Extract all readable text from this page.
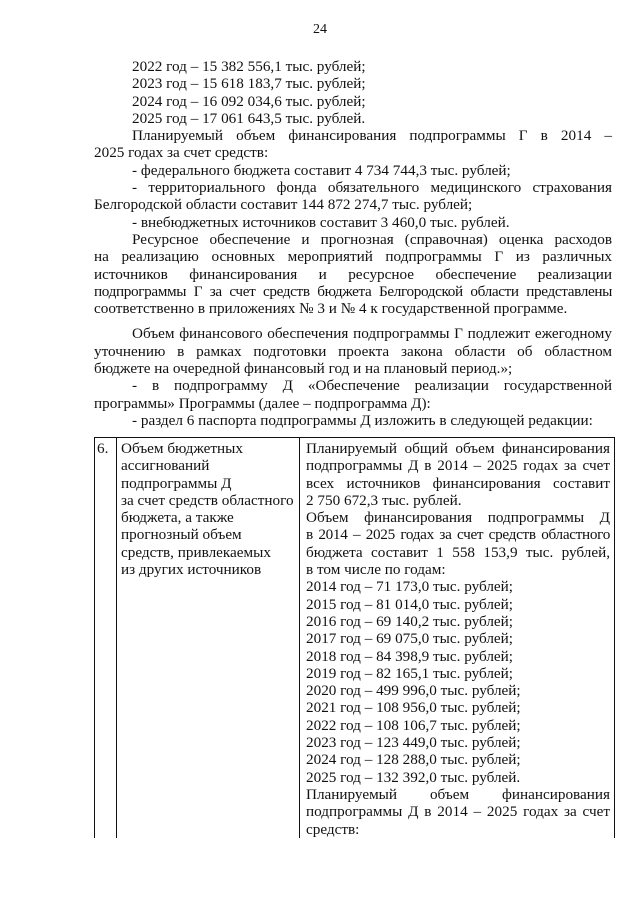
24
2022 год – 15 382 556,1 тыс. рублей;
2023 год – 15 618 183,7 тыс. рублей;
2024 год – 16 092 034,6 тыс. рублей;
2025 год – 17 061 643,5 тыс. рублей.
Планируемый объем финансирования подпрограммы Г в 2014 –
2025 годах за счет средств:
- федерального бюджета составит 4 734 744,3 тыс. рублей;
- территориального фонда обязательного медицинского страхования
Белгородской области составит 144 872 274,7 тыс. рублей;
- внебюджетных источников составит 3 460,0 тыс. рублей.
Ресурсное обеспечение и прогнозная (справочная) оценка расходов
на реализацию основных мероприятий подпрограммы Г из различных
источников финансирования и ресурсное обеспечение реализации
подпрограммы Г за счет средств бюджета Белгородской области представлены
соответственно в приложениях № 3 и № 4 к государственной программе.
Объем финансового обеспечения подпрограммы Г подлежит ежегодному
уточнению в рамках подготовки проекта закона области об областном
бюджете на очередной финансовый год и на плановый период.»;
- в подпрограмму Д «Обеспечение реализации государственной
программы» Программы (далее – подпрограмма Д):
- раздел 6 паспорта подпрограммы Д изложить в следующей редакции:
6. Объем бюджетных
ассигнований
подпрограммы Д
за счет средств областного
бюджета, а также
прогнозный объем
средств, привлекаемых
из других источников
Планируемый общий объем финансирования
подпрограммы Д в 2014 – 2025 годах за счет
всех источников финансирования составит
2 750 672,3 тыс. рублей.
Объем финансирования подпрограммы Д
в 2014 – 2025 годах за счет средств областного
бюджета составит 1 558 153,9 тыс. рублей,
в том числе по годам:
2014 год – 71 173,0 тыс. рублей;
2015 год – 81 014,0 тыс. рублей;
2016 год – 69 140,2 тыс. рублей;
2017 год – 69 075,0 тыс. рублей;
2018 год – 84 398,9 тыс. рублей;
2019 год – 82 165,1 тыс. рублей;
2020 год – 499 996,0 тыс. рублей;
2021 год – 108 956,0 тыс. рублей;
2022 год – 108 106,7 тыс. рублей;
2023 год – 123 449,0 тыс. рублей;
2024 год – 128 288,0 тыс. рублей;
2025 год – 132 392,0 тыс. рублей.
Планируемый объем финансирования
подпрограммы Д в 2014 – 2025 годах за счет
средств:
